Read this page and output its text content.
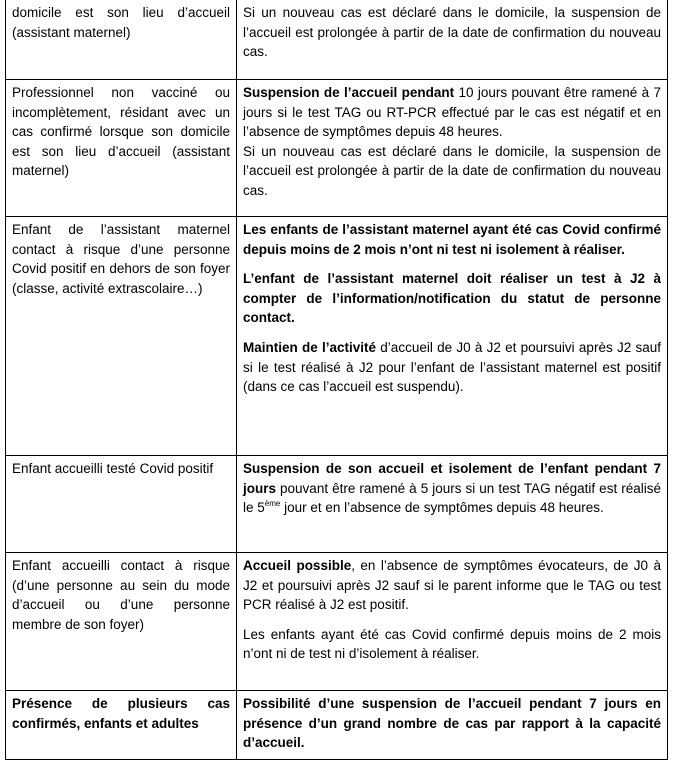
domicile est son lieu d’accueil (assistant maternel)

Si un nouveau cas est déclaré dans le domicile, la suspension de l’accueil est prolongée à partir de la date de confirmation du nouveau cas.

Professionnel non vacciné ou incomplètement, résidant avec un cas confirmé lorsque son domicile est son lieu d’accueil (assistant maternel)

Suspension de l’accueil pendant 10 jours pouvant être ramené à 7 jours si le test TAG ou RT-PCR effectué par le cas est négatif et en l’absence de symptômes depuis 48 heures.

Si un nouveau cas est déclaré dans le domicile, la suspension de l’accueil est prolongée à partir de la date de confirmation du nouveau cas.

Enfant de l’assistant maternel contact à risque d’une personne Covid positif en dehors de son foyer (classe, activité extrascolaire…)

Les enfants de l’assistant maternel ayant été cas Covid confirmé depuis moins de 2 mois n’ont ni test ni isolement à réaliser.

L’enfant de l’assistant maternel doit réaliser un test à J2 à compter de l’information/notification du statut de personne contact.

Maintien de l’activité d’accueil de J0 à J2 et poursuivi après J2 sauf si le test réalisé à J2 pour l’enfant de l’assistant maternel est positif (dans ce cas l’accueil est suspendu).

Enfant accueilli testé Covid positif	Suspension de son accueil et isolement de l’enfant pendant 7 jours pouvant être ramené à 5 jours si un test TAG négatif est réalisé le 5ème jour et en l’absence de symptômes depuis 48 heures.

Enfant accueilli contact à risque (d’une personne au sein du mode d’accueil ou d’une personne membre de son foyer)

Accueil possible, en l’absence de symptômes évocateurs, de J0 à J2 et poursuivi après J2 sauf si le parent informe que le TAG ou test PCR réalisé à J2 est positif.

Les enfants ayant été cas Covid confirmé depuis moins de 2 mois n’ont ni de test ni d’isolement à réaliser.

Présence de plusieurs cas confirmés, enfants et adultes

Possibilité d’une suspension de l’accueil pendant 7 jours en présence d’un grand nombre de cas par rapport à la capacité d’accueil.
